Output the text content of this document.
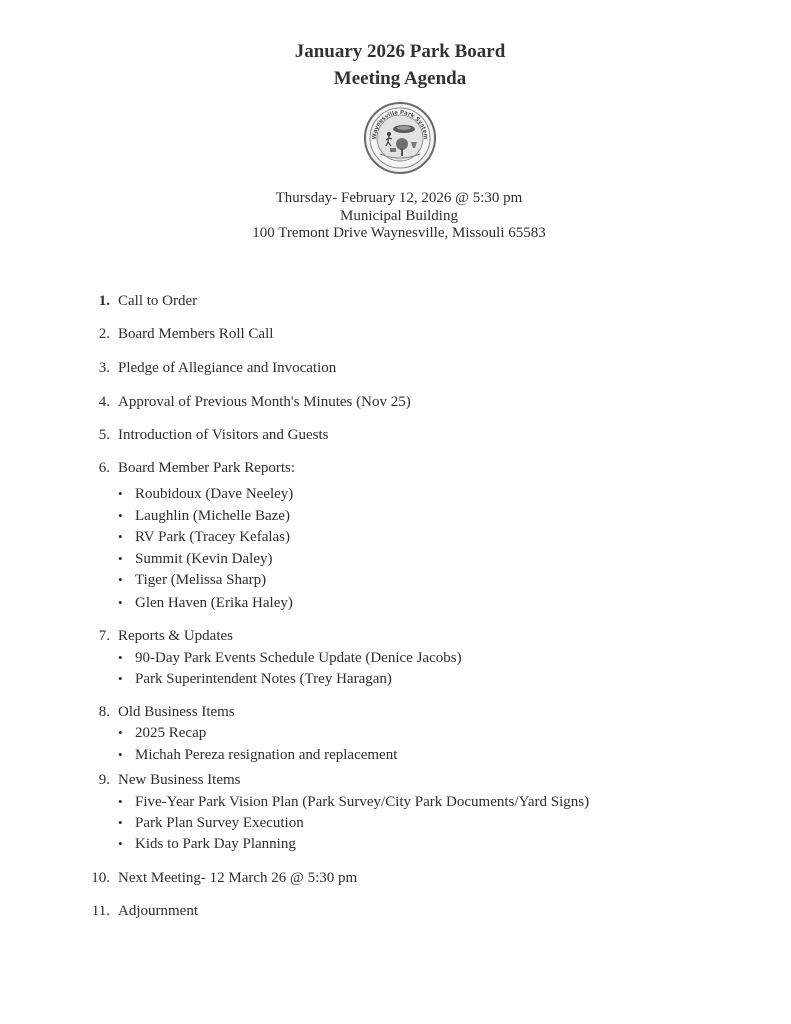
January 2026 Park Board
Meeting Agenda
Waynesville Park System
Thursday- February 12, 2026 @ 5:30 pm
Municipal Building
100 Tremont Drive Waynesville, Missouli 65583
1. Call to Order
2. Board Members Roll Call
3. Pledge of Allegiance and Invocation
4. Approval of Previous Month's Minutes (Nov 25)
5. Introduction of Visitors and Guests
6. Board Member Park Reports:
• Roubidoux (Dave Neeley)
• Laughlin (Michelle Baze)
• RV Park (Tracey Kefalas)
• Summit (Kevin Daley)
• Tiger (Melissa Sharp)
• Glen Haven (Erika Haley)
7. Reports & Updates
• 90-Day Park Events Schedule Update (Denice Jacobs)
• Park Superintendent Notes (Trey Haragan)
8. Old Business Items
• 2025 Recap
• Michah Pereza resignation and replacement
9. New Business Items
• Five-Year Park Vision Plan (Park Survey/City Park Documents/Yard Signs)
• Park Plan Survey Execution
• Kids to Park Day Planning
10. Next Meeting- 12 March 26 @ 5:30 pm
11. Adjournment
